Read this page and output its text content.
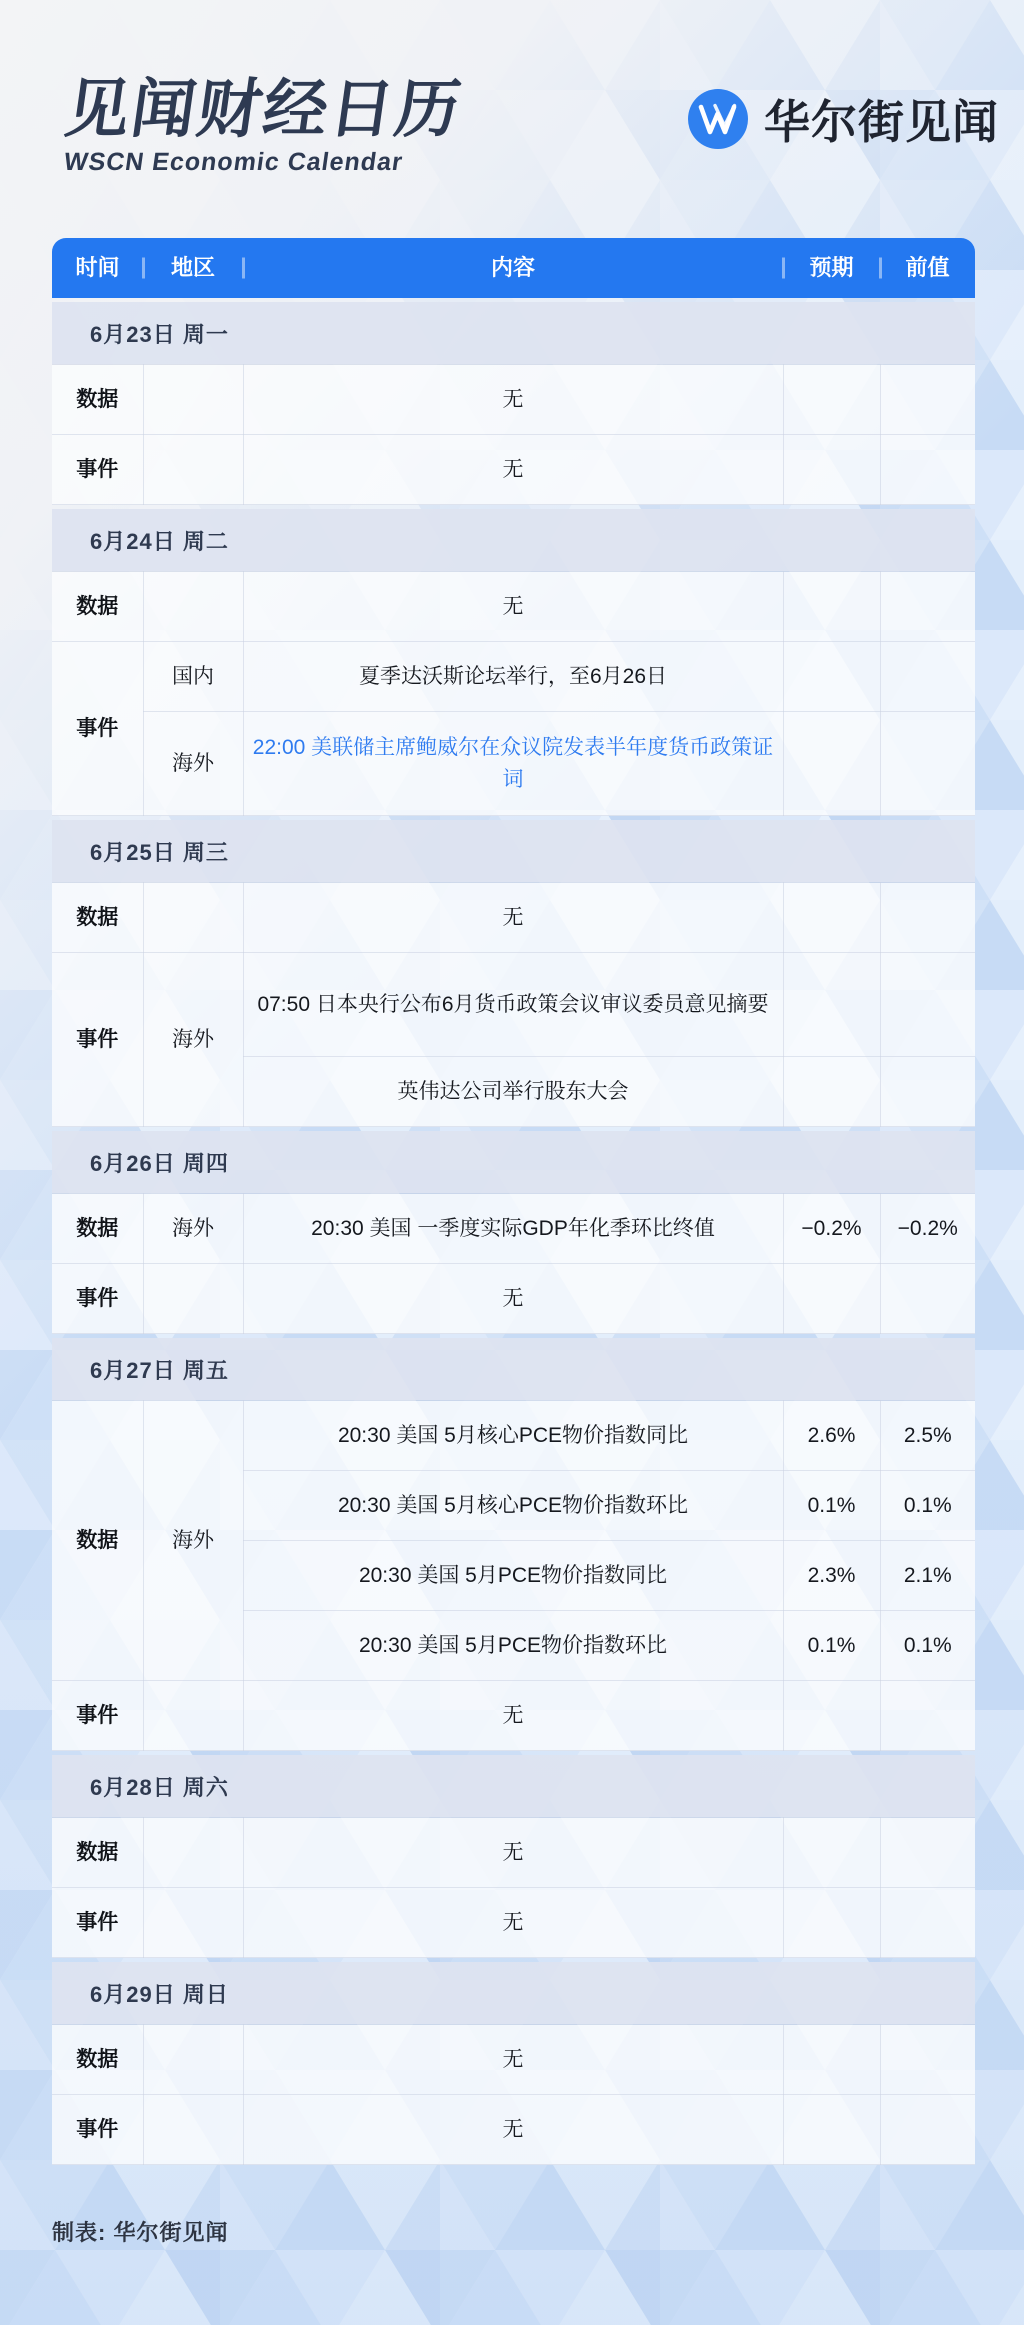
见闻财经日历
WSCN Economic Calendar
华尔街见闻
时间	地区	内容	预期	前值
6月23日 周一
数据		无		
事件		无		
6月24日 周二
数据		无		
事件	国内	夏季达沃斯论坛举行，至6月26日		
	海外	22:00 美联储主席鲍威尔在众议院发表半年度货币政策证词		
6月25日 周三
数据		无		
事件	海外	07:50 日本央行公布6月货币政策会议审议委员意见摘要		
		英伟达公司举行股东大会		
6月26日 周四
数据	海外	20:30 美国 一季度实际GDP年化季环比终值	−0.2%	−0.2%
事件		无		
6月27日 周五
数据	海外	20:30 美国 5月核心PCE物价指数同比	2.6%	2.5%
		20:30 美国 5月核心PCE物价指数环比	0.1%	0.1%
		20:30 美国 5月PCE物价指数同比	2.3%	2.1%
		20:30 美国 5月PCE物价指数环比	0.1%	0.1%
事件		无		
6月28日 周六
数据		无		
事件		无		
6月29日 周日
数据		无		
事件		无		
制表: 华尔街见闻
